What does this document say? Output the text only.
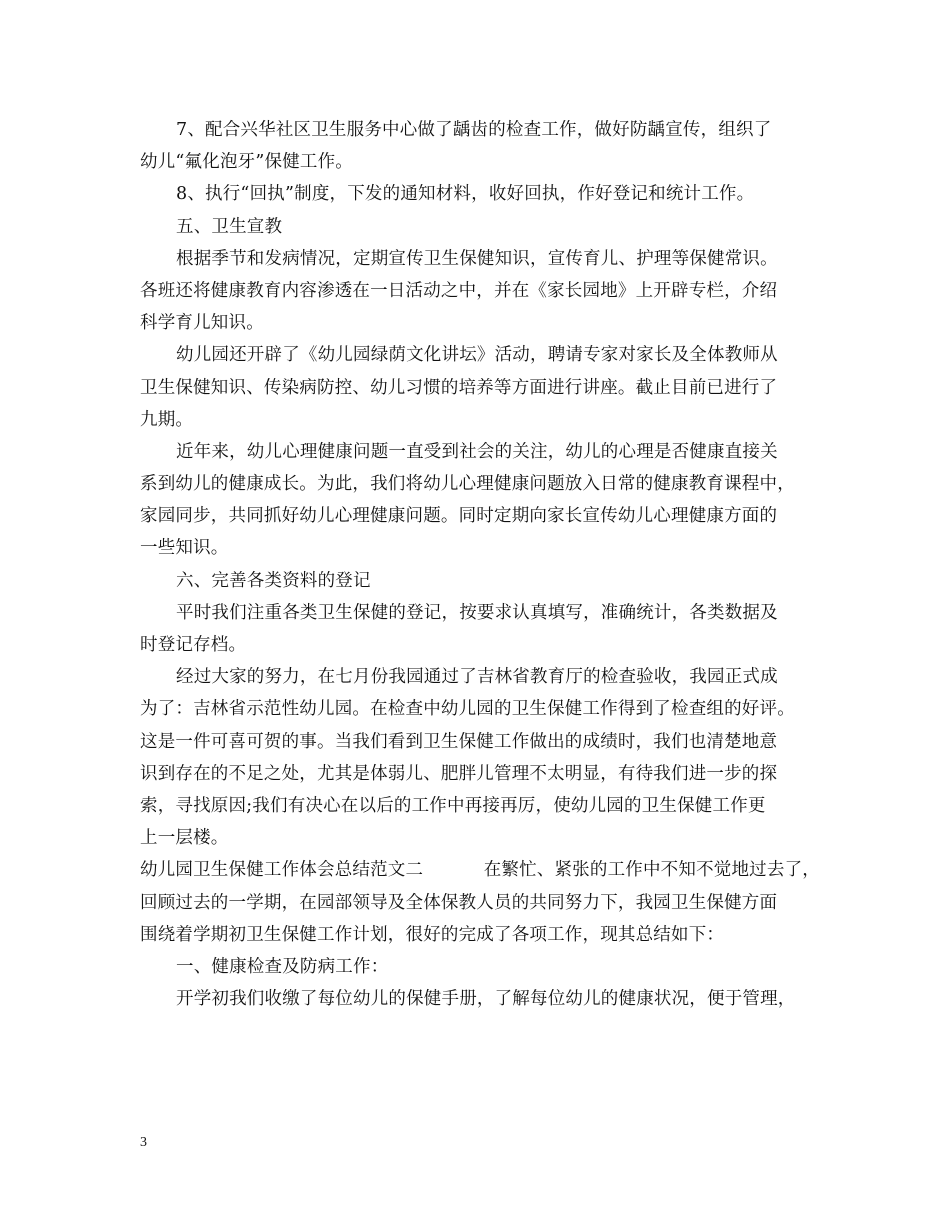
7、配合兴华社区卫生服务中心做了龋齿的检查工作，做好防龋宣传，组织了
幼儿“氟化泡牙”保健工作。
8、执行“回执”制度，下发的通知材料，收好回执，作好登记和统计工作。
五、卫生宣教
根据季节和发病情况，定期宣传卫生保健知识，宣传育儿、护理等保健常识。
各班还将健康教育内容渗透在一日活动之中，并在《家长园地》上开辟专栏，介绍
科学育儿知识。
幼儿园还开辟了《幼儿园绿荫文化讲坛》活动，聘请专家对家长及全体教师从
卫生保健知识、传染病防控、幼儿习惯的培养等方面进行讲座。截止目前已进行了
九期。
近年来，幼儿心理健康问题一直受到社会的关注，幼儿的心理是否健康直接关
系到幼儿的健康成长。为此，我们将幼儿心理健康问题放入日常的健康教育课程中，
家园同步，共同抓好幼儿心理健康问题。同时定期向家长宣传幼儿心理健康方面的
一些知识。
六、完善各类资料的登记
平时我们注重各类卫生保健的登记，按要求认真填写，准确统计，各类数据及
时登记存档。
经过大家的努力，在七月份我园通过了吉林省教育厅的检查验收，我园正式成
为了：吉林省示范性幼儿园。在检查中幼儿园的卫生保健工作得到了检查组的好评。
这是一件可喜可贺的事。当我们看到卫生保健工作做出的成绩时，我们也清楚地意
识到存在的不足之处，尤其是体弱儿、肥胖儿管理不太明显，有待我们进一步的探
索，寻找原因;我们有决心在以后的工作中再接再厉，使幼儿园的卫生保健工作更
上一层楼。
幼儿园卫生保健工作体会总结范文二	在繁忙、紧张的工作中不知不觉地过去了，
回顾过去的一学期，在园部领导及全体保教人员的共同努力下，我园卫生保健方面
围绕着学期初卫生保健工作计划，很好的完成了各项工作，现其总结如下：
一、健康检查及防病工作：
开学初我们收缴了每位幼儿的保健手册，了解每位幼儿的健康状况，便于管理，
3
